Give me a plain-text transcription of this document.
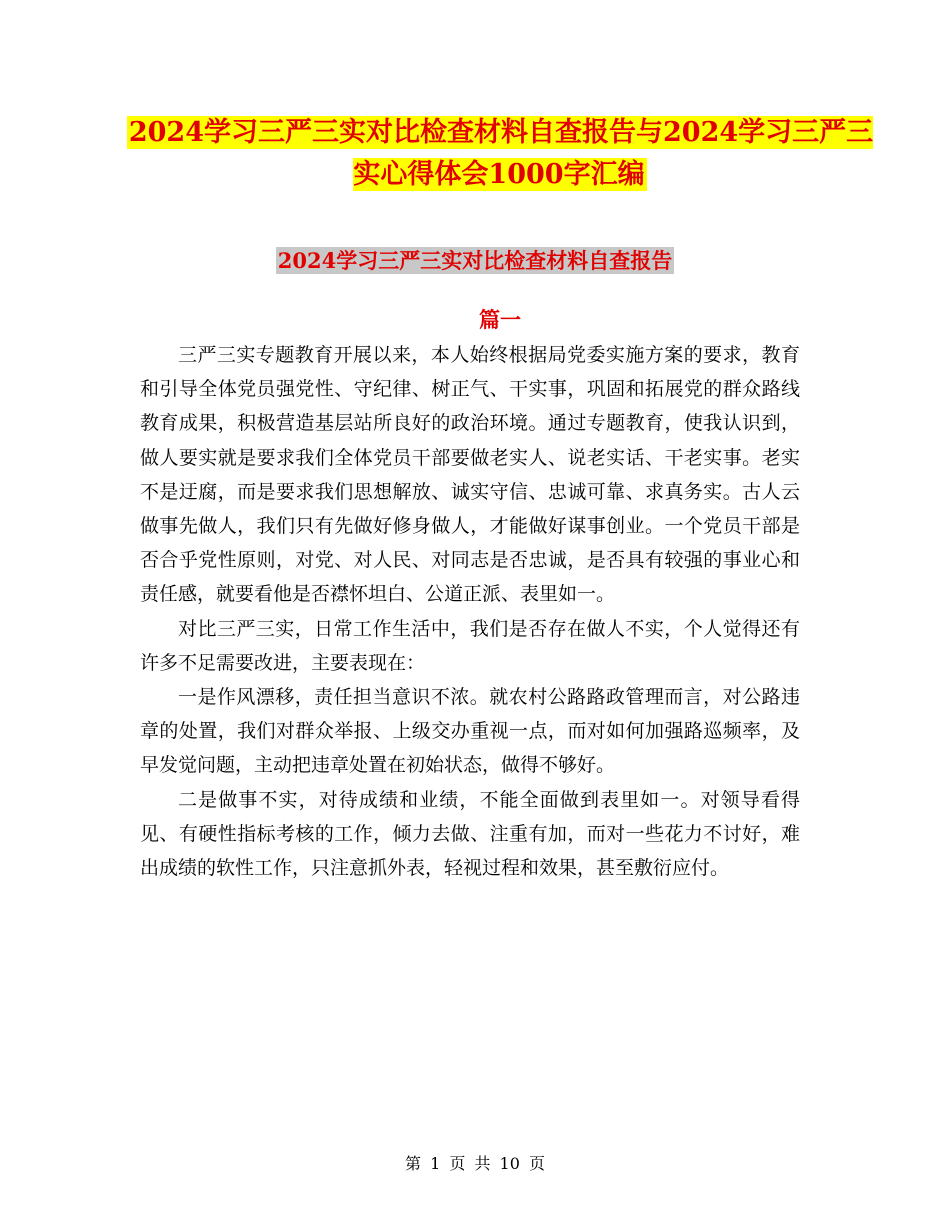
2024学习三严三实对比检查材料自查报告与2024学习三严三实心得体会1000字汇编
2024学习三严三实对比检查材料自查报告
篇一

三严三实专题教育开展以来，本人始终根据局党委实施方案的要求，教育和引导全体党员强党性、守纪律、树正气、干实事，巩固和拓展党的群众路线教育成果，积极营造基层站所良好的政治环境。通过专题教育，使我认识到，做人要实就是要求我们全体党员干部要做老实人、说老实话、干老实事。老实不是迂腐，而是要求我们思想解放、诚实守信、忠诚可靠、求真务实。古人云做事先做人，我们只有先做好修身做人，才能做好谋事创业。一个党员干部是否合乎党性原则，对党、对人民、对同志是否忠诚，是否具有较强的事业心和责任感，就要看他是否襟怀坦白、公道正派、表里如一。

对比三严三实，日常工作生活中，我们是否存在做人不实，个人觉得还有许多不足需要改进，主要表现在：

一是作风漂移，责任担当意识不浓。就农村公路路政管理而言，对公路违章的处置，我们对群众举报、上级交办重视一点，而对如何加强路巡频率，及早发觉问题，主动把违章处置在初始状态，做得不够好。

二是做事不实，对待成绩和业绩，不能全面做到表里如一。对领导看得见、有硬性指标考核的工作，倾力去做、注重有加，而对一些花力不讨好，难出成绩的软性工作，只注意抓外表，轻视过程和效果，甚至敷衍应付。

第 1 页 共 10 页
